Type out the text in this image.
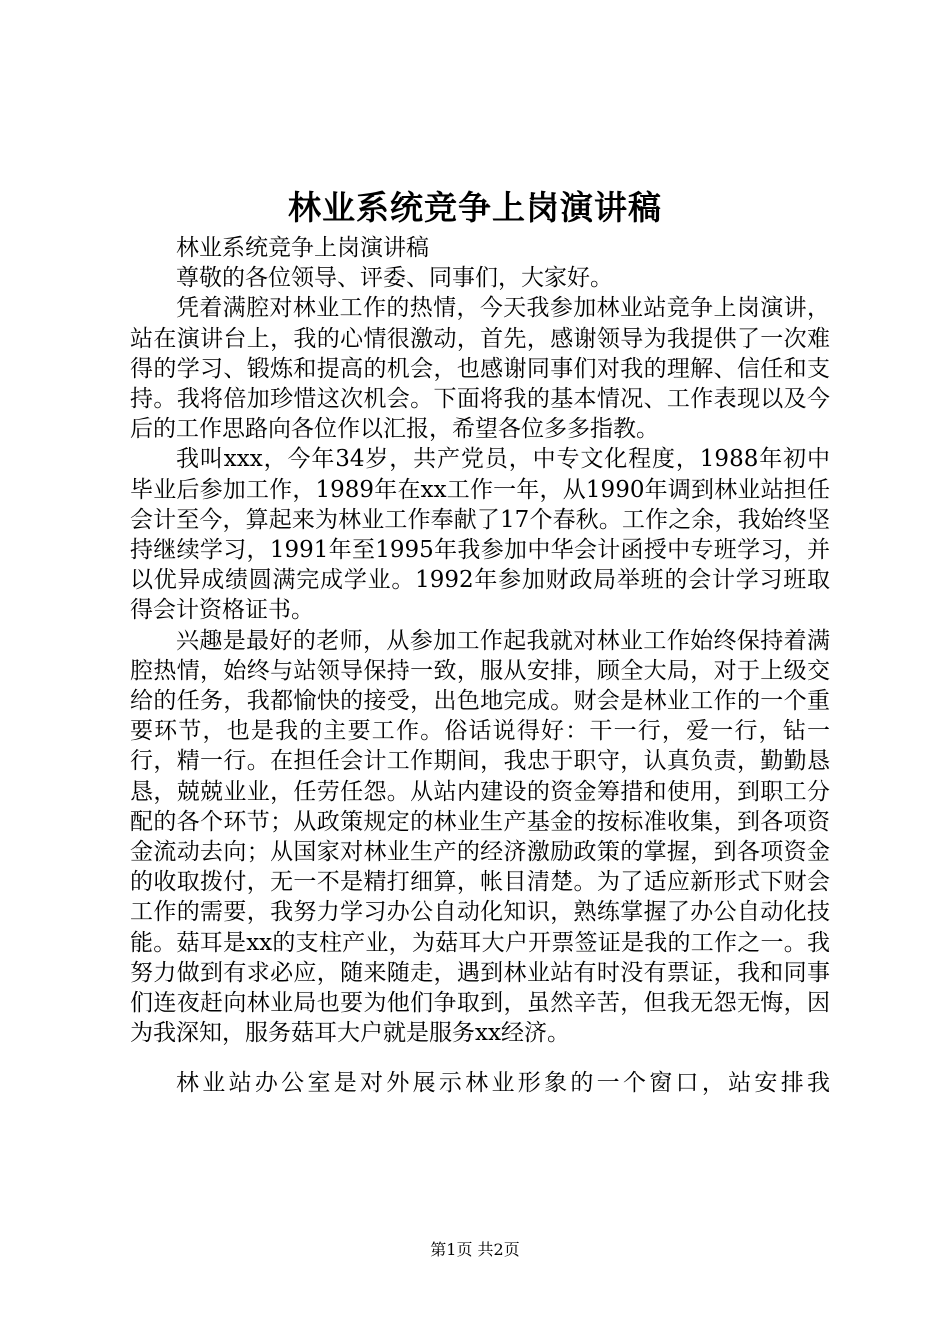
林业系统竞争上岗演讲稿

林业系统竞争上岗演讲稿

尊敬的各位领导、评委、同事们，大家好。

凭着满腔对林业工作的热情，今天我参加林业站竞争上岗演讲，站在演讲台上，我的心情很激动，首先，感谢领导为我提供了一次难得的学习、锻炼和提高的机会，也感谢同事们对我的理解、信任和支持。我将倍加珍惜这次机会。下面将我的基本情况、工作表现以及今后的工作思路向各位作以汇报，希望各位多多指教。

我叫xxx，今年34岁，共产党员，中专文化程度，1988年初中毕业后参加工作，1989年在xx工作一年，从1990年调到林业站担任会计至今，算起来为林业工作奉献了17个春秋。工作之余，我始终坚持继续学习，1991年至1995年我参加中华会计函授中专班学习，并以优异成绩圆满完成学业。1992年参加财政局举班的会计学习班取得会计资格证书。

兴趣是最好的老师，从参加工作起我就对林业工作始终保持着满腔热情，始终与站领导保持一致，服从安排，顾全大局，对于上级交给的任务，我都愉快的接受，出色地完成。财会是林业工作的一个重要环节，也是我的主要工作。俗话说得好：干一行，爱一行，钻一行，精一行。在担任会计工作期间，我忠于职守，认真负责，勤勤恳恳，兢兢业业，任劳任怨。从站内建设的资金筹措和使用，到职工分配的各个环节；从政策规定的林业生产基金的按标准收集，到各项资金流动去向；从国家对林业生产的经济激励政策的掌握，到各项资金的收取拨付，无一不是精打细算，帐目清楚。为了适应新形式下财会工作的需要，我努力学习办公自动化知识，熟练掌握了办公自动化技能。菇耳是xx的支柱产业，为菇耳大户开票签证是我的工作之一。我努力做到有求必应，随来随走，遇到林业站有时没有票证，我和同事们连夜赶向林业局也要为他们争取到，虽然辛苦，但我无怨无悔，因为我深知，服务菇耳大户就是服务xx经济。

林业站办公室是对外展示林业形象的一个窗口，站安排我

第1页 共2页
